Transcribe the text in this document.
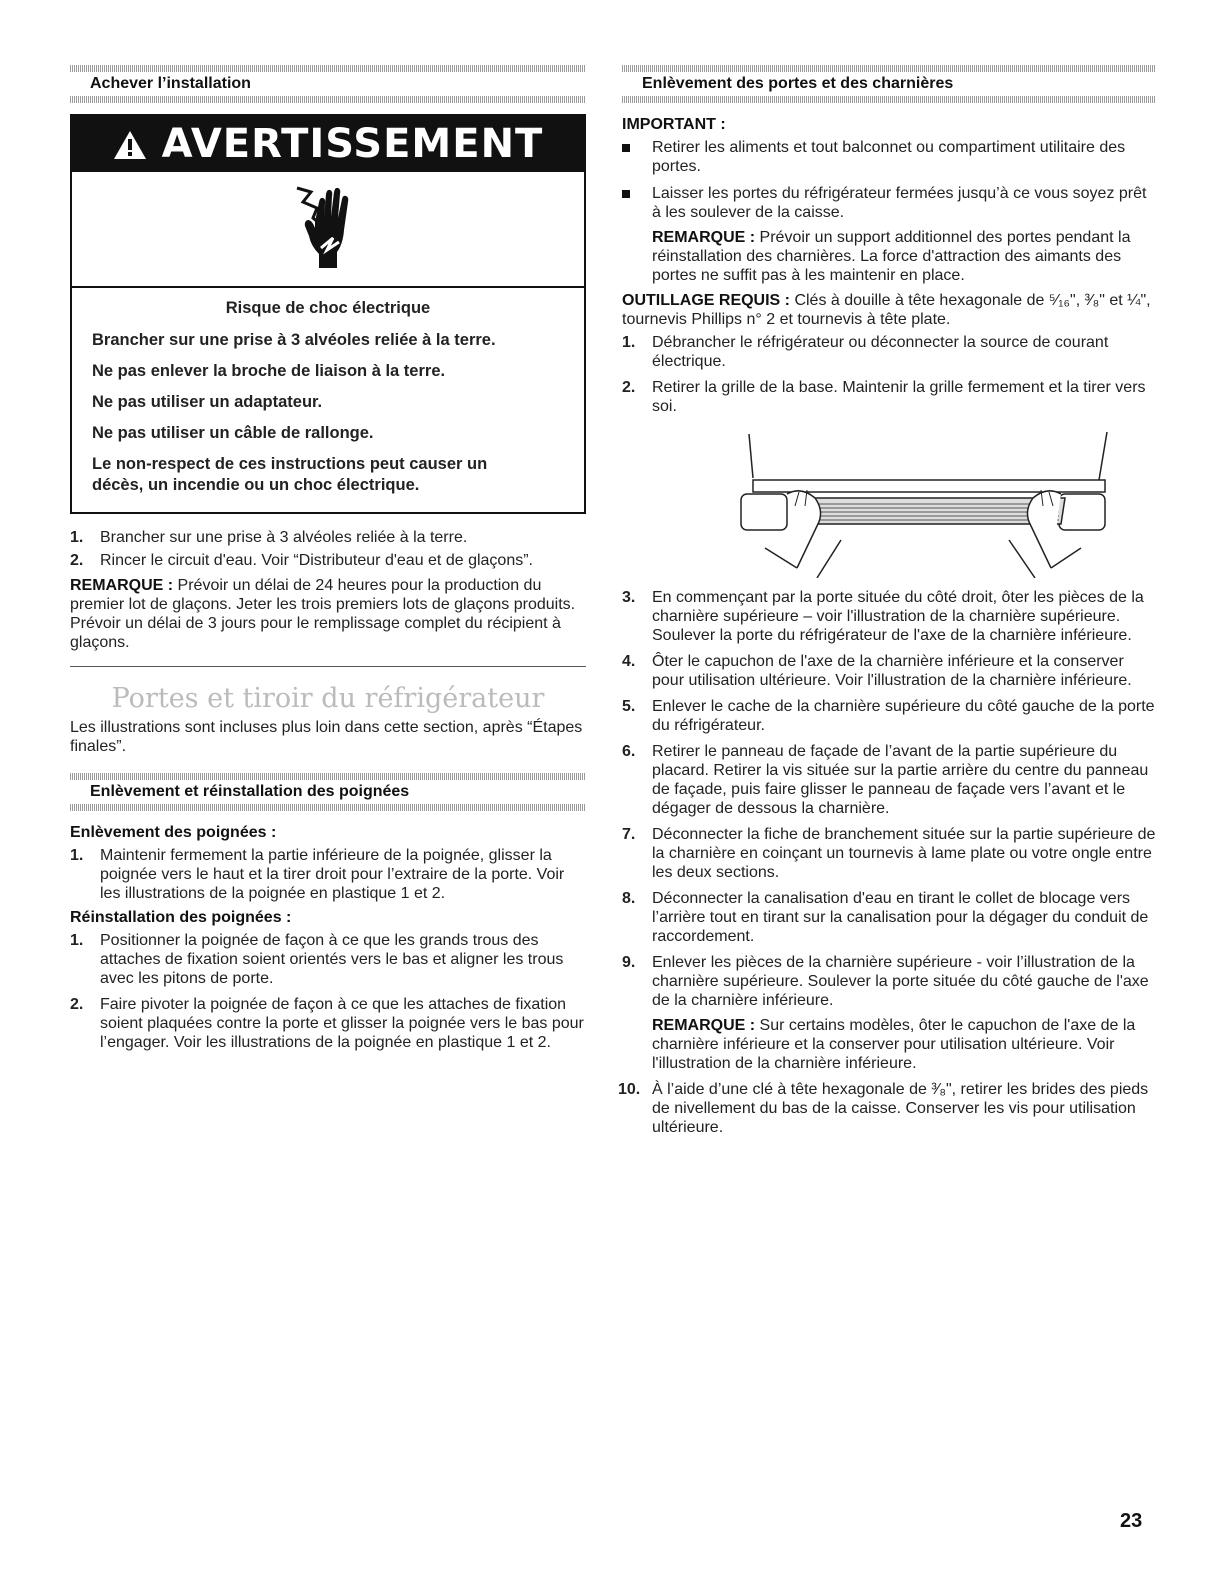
Achever l’installation
AVERTISSEMENT
Risque de choc électrique
Brancher sur une prise à 3 alvéoles reliée à la terre.
Ne pas enlever la broche de liaison à la terre.
Ne pas utiliser un adaptateur.
Ne pas utiliser un câble de rallonge.
Le non-respect de ces instructions peut causer un décès, un incendie ou un choc électrique.
1.	Brancher sur une prise à 3 alvéoles reliée à la terre.
2.	Rincer le circuit d'eau. Voir “Distributeur d'eau et de glaçons”.

REMARQUE : Prévoir un délai de 24 heures pour la production du premier lot de glaçons. Jeter les trois premiers lots de glaçons produits. Prévoir un délai de 3 jours pour le remplissage complet du récipient à glaçons.

Portes et tiroir du réfrigérateur

Les illustrations sont incluses plus loin dans cette section, après “Étapes finales”.

Enlèvement et réinstallation des poignées
Enlèvement des poignées :
1.	Maintenir fermement la partie inférieure de la poignée, glisser la poignée vers le haut et la tirer droit pour l’extraire de la porte. Voir les illustrations de la poignée en plastique 1 et 2.
Réinstallation des poignées :
1.	Positionner la poignée de façon à ce que les grands trous des attaches de fixation soient orientés vers le bas et aligner les trous avec les pitons de porte.
2.	Faire pivoter la poignée de façon à ce que les attaches de fixation soient plaquées contre la porte et glisser la poignée vers le bas pour l’engager. Voir les illustrations de la poignée en plastique 1 et 2.
Enlèvement des portes et des charnières
IMPORTANT :
Retirer les aliments et tout balconnet ou compartiment utilitaire des portes.
Laisser les portes du réfrigérateur fermées jusqu’à ce vous soyez prêt à les soulever de la caisse.
REMARQUE : Prévoir un support additionnel des portes pendant la réinstallation des charnières. La force d'attraction des aimants des portes ne suffit pas à les maintenir en place.

OUTILLAGE REQUIS : Clés à douille à tête hexagonale de ⁵⁄₁₆", ³⁄₈" et ¼", tournevis Phillips n° 2 et tournevis à tête plate.

1.	Débrancher le réfrigérateur ou déconnecter la source de courant électrique.
2.	Retirer la grille de la base. Maintenir la grille fermement et la tirer vers soi.
3.	En commençant par la porte située du côté droit, ôter les pièces de la charnière supérieure – voir l'illustration de la charnière supérieure. Soulever la porte du réfrigérateur de l'axe de la charnière inférieure.
4.	Ôter le capuchon de l'axe de la charnière inférieure et la conserver pour utilisation ultérieure. Voir l'illustration de la charnière inférieure.
5.	Enlever le cache de la charnière supérieure du côté gauche de la porte du réfrigérateur.
6.	Retirer le panneau de façade de l’avant de la partie supérieure du placard. Retirer la vis située sur la partie arrière du centre du panneau de façade, puis faire glisser le panneau de façade vers l’avant et le dégager de dessous la charnière.
7.	Déconnecter la fiche de branchement située sur la partie supérieure de la charnière en coinçant un tournevis à lame plate ou votre ongle entre les deux sections.
8.	Déconnecter la canalisation d'eau en tirant le collet de blocage vers l’arrière tout en tirant sur la canalisation pour la dégager du conduit de raccordement.
9.	Enlever les pièces de la charnière supérieure - voir l’illustration de la charnière supérieure. Soulever la porte située du côté gauche de l'axe de la charnière inférieure.
REMARQUE : Sur certains modèles, ôter le capuchon de l'axe de la charnière inférieure et la conserver pour utilisation ultérieure. Voir l'illustration de la charnière inférieure.
10. À l’aide d’une clé à tête hexagonale de ³⁄₈", retirer les brides des pieds de nivellement du bas de la caisse. Conserver les vis pour utilisation ultérieure.
23
